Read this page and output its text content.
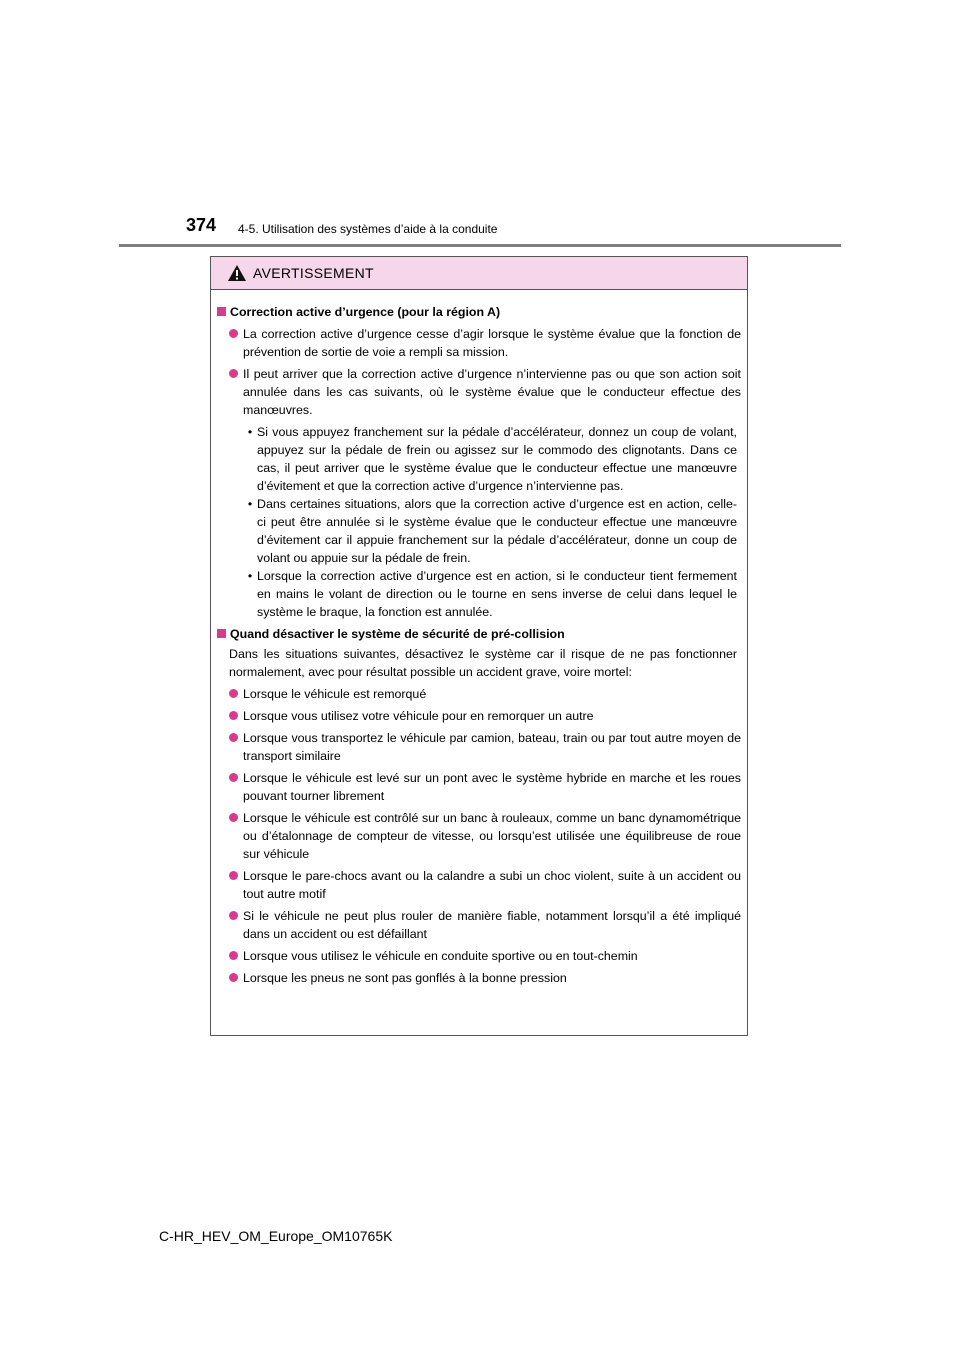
374 4-5. Utilisation des systèmes d’aide à la conduite
AVERTISSEMENT
Correction active d’urgence (pour la région A)
La correction active d’urgence cesse d’agir lorsque le système évalue que la fonction de prévention de sortie de voie a rempli sa mission.
Il peut arriver que la correction active d’urgence n’intervienne pas ou que son action soit annulée dans les cas suivants, où le système évalue que le conducteur effectue des manœuvres.
• Si vous appuyez franchement sur la pédale d’accélérateur, donnez un coup de volant, appuyez sur la pédale de frein ou agissez sur le commodo des clignotants. Dans ce cas, il peut arriver que le système évalue que le conducteur effectue une manœuvre d’évitement et que la correction active d’urgence n’intervienne pas.
• Dans certaines situations, alors que la correction active d’urgence est en action, celle-ci peut être annulée si le système évalue que le conducteur effectue une manœuvre d’évitement car il appuie franchement sur la pédale d’accélérateur, donne un coup de volant ou appuie sur la pédale de frein.
• Lorsque la correction active d’urgence est en action, si le conducteur tient fermement en mains le volant de direction ou le tourne en sens inverse de celui dans lequel le système le braque, la fonction est annulée.
Quand désactiver le système de sécurité de pré-collision
Dans les situations suivantes, désactivez le système car il risque de ne pas fonctionner normalement, avec pour résultat possible un accident grave, voire mortel:
Lorsque le véhicule est remorqué
Lorsque vous utilisez votre véhicule pour en remorquer un autre
Lorsque vous transportez le véhicule par camion, bateau, train ou par tout autre moyen de transport similaire
Lorsque le véhicule est levé sur un pont avec le système hybride en marche et les roues pouvant tourner librement
Lorsque le véhicule est contrôlé sur un banc à rouleaux, comme un banc dynamométrique ou d’étalonnage de compteur de vitesse, ou lorsqu’est utilisée une équilibreuse de roue sur véhicule
Lorsque le pare-chocs avant ou la calandre a subi un choc violent, suite à un accident ou tout autre motif
Si le véhicule ne peut plus rouler de manière fiable, notamment lorsqu’il a été impliqué dans un accident ou est défaillant
Lorsque vous utilisez le véhicule en conduite sportive ou en tout-chemin
Lorsque les pneus ne sont pas gonflés à la bonne pression
C-HR_HEV_OM_Europe_OM10765K
